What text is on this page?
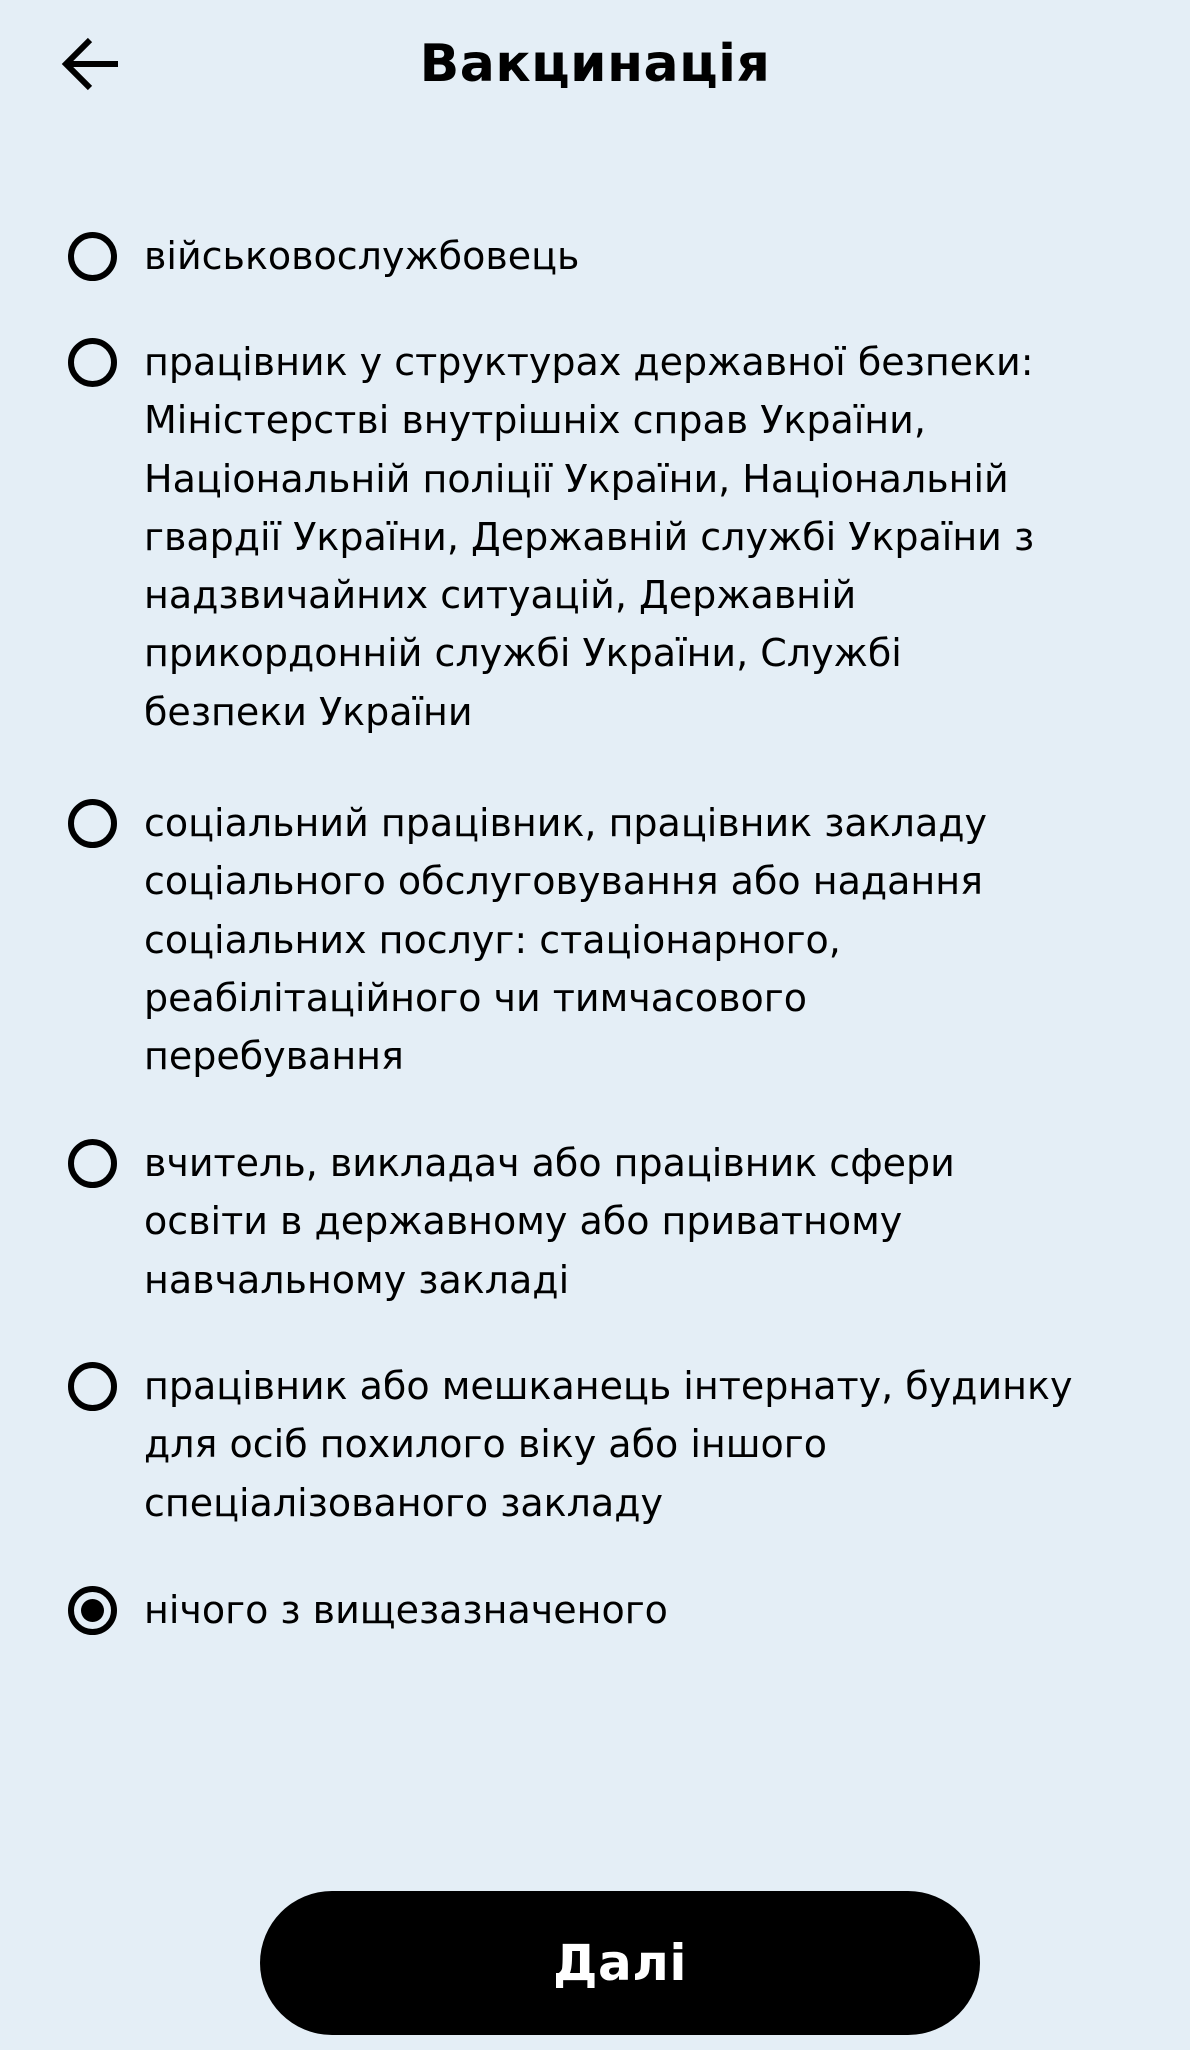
Вакцинація
військовослужбовець
працівник у структурах державної безпеки:
Міністерстві внутрішніх справ України,
Національній поліції України, Національній
гвардії України, Державній службі України з
надзвичайних ситуацій, Державній
прикордонній службі України, Службі
безпеки України
соціальний працівник, працівник закладу
соціального обслуговування або надання
соціальних послуг: стаціонарного,
реабілітаційного чи тимчасового
перебування
вчитель, викладач або працівник сфери
освіти в державному або приватному
навчальному закладі
працівник або мешканець інтернату, будинку
для осіб похилого віку або іншого
спеціалізованого закладу
нічого з вищезазначеного
Далі
